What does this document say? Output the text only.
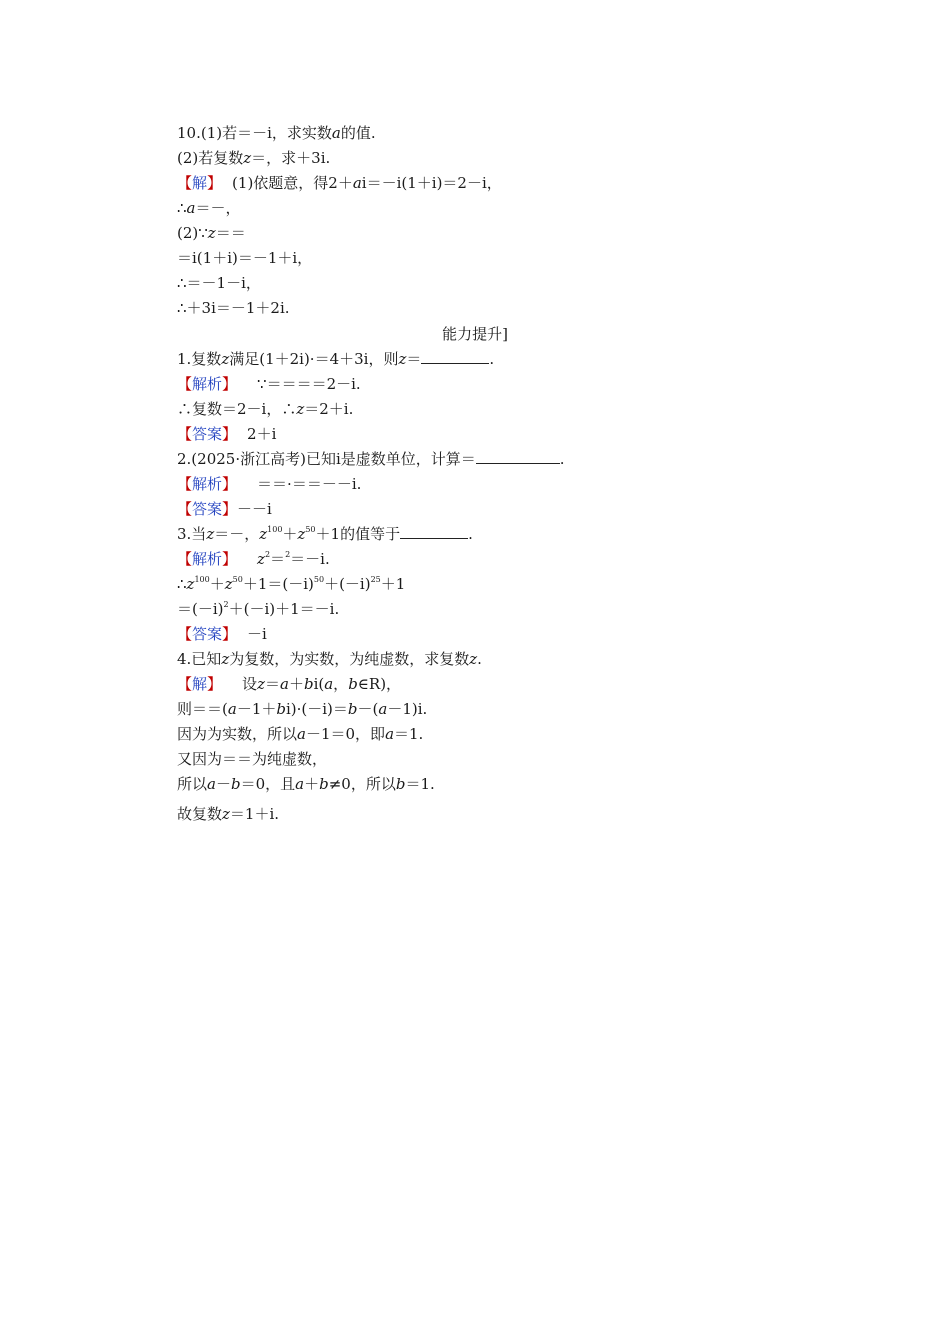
10.(1)若＝－i，求实数a的值.
(2)若复数z＝，求＋3i.
【解】 (1)依题意，得2＋ai＝－i(1＋i)＝2－i，
∴a＝－，
(2)∵z＝＝
＝i(1＋i)＝－1＋i，
∴＝－1－i，
∴＋3i＝－1＋2i.
能力提升]
1.复数z满足(1＋2i)·＝4＋3i，则z＝	.
【解析】 ∵＝＝＝＝2－i.
∴复数＝2－i，∴z＝2＋i.
【答案】 2＋i
2.(2025·浙江高考)已知i是虚数单位，计算＝	.
【解析】 ＝＝·＝＝－－i.
【答案】－－i
3.当z＝－，$z^{100}+z^{50}+1$的值等于	.
【解析】 $z^2=^2=-i$.
$\therefore z^{100}+z^{50}+1=(-i)^{50}+(-i)^{25}+1$
$=(-i)^2+(-i)+1=-i$.
【答案】 －i
4.已知z为复数，为实数，为纯虚数，求复数z.
【解】 设z＝a＋bi(a，b∈R)，
则＝＝(a－1＋bi)·(－i)＝b－(a－1)i.
因为为实数，所以a－1＝0，即a＝1.
又因为＝＝为纯虚数，
所以a－b＝0，且a＋b≠0，所以b＝1.
故复数z＝1＋i.
